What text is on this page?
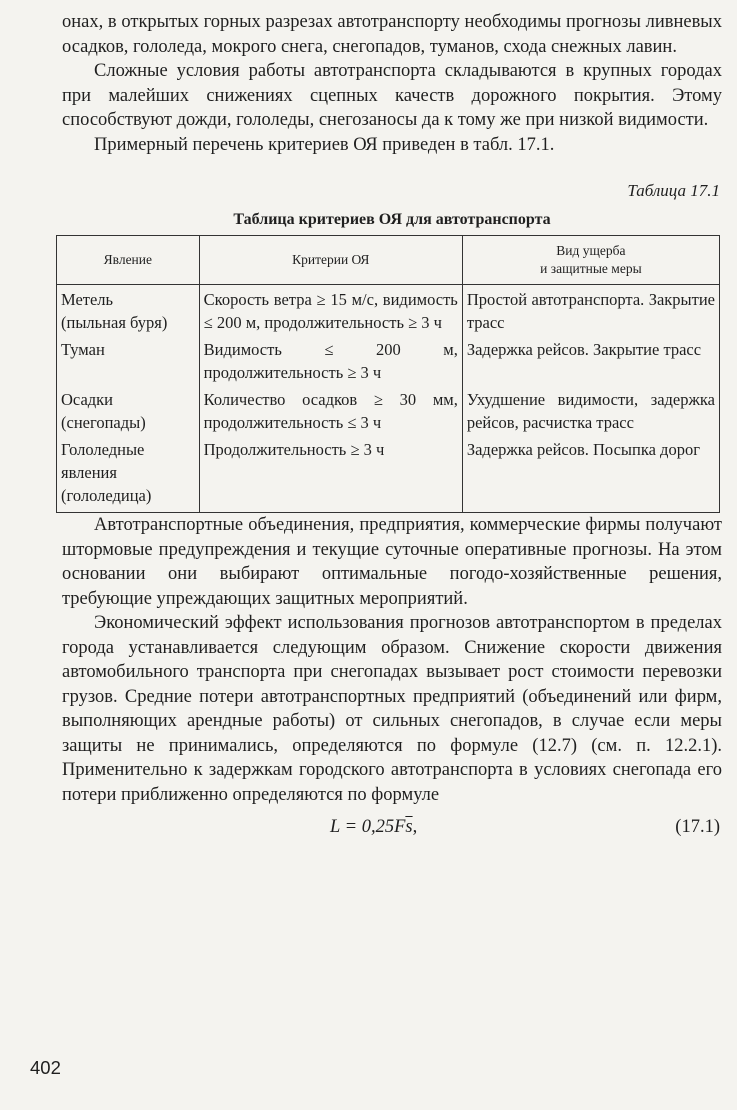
онах, в открытых горных разрезах автотранспорту необходимы прогнозы ливневых осадков, гололеда, мокрого снега, снегопадов, туманов, схода снежных лавин.

Сложные условия работы автотранспорта складываются в крупных городах при малейших снижениях сцепных качеств дорожного покрытия. Этому способствуют дожди, гололеды, снегозаносы да к тому же при низкой видимости.

Примерный перечень критериев ОЯ приведен в табл. 17.1.

Таблица 17.1
Таблица критериев ОЯ для автотранспорта
Явление	Критерии ОЯ	Вид ущерба
и защитные меры
Метель
(пыльная буря)	Скорость ветра ≥ 15 м/с, видимость ≤ 200 м, продолжительность ≥ 3 ч	Простой автотранспорта. Закрытие трасс
Туман	Видимость ≤ 200 м, продолжительность ≥ 3 ч	Задержка рейсов. Закрытие трасс
Осадки
(снегопады)	Количество осадков ≥ 30 мм, продолжительность ≤ 3 ч	Ухудшение видимости, задержка рейсов, расчистка трасс
Гололедные
явления
(гололедица)	Продолжительность ≥ 3 ч	Задержка рейсов. Посыпка дорог

Автотранспортные объединения, предприятия, коммерческие фирмы получают штормовые предупреждения и текущие суточные оперативные прогнозы. На этом основании они выбирают оптимальные погодо-хозяйственные решения, требующие упреждающих защитных мероприятий.

Экономический эффект использования прогнозов автотранспортом в пределах города устанавливается следующим образом. Снижение скорости движения автомобильного транспорта при снегопадах вызывает рост стоимости перевозки грузов. Средние потери автотранспортных предприятий (объединений или фирм, выполняющих арендные работы) от сильных снегопадов, в случае если меры защиты не принимались, определяются по формуле (12.7) (см. п. 12.2.1). Применительно к задержкам городского автотранспорта в условиях снегопада его потери приближенно определяются по формуле

$L = 0,25F\overline{s}$,	(17.1)
402
